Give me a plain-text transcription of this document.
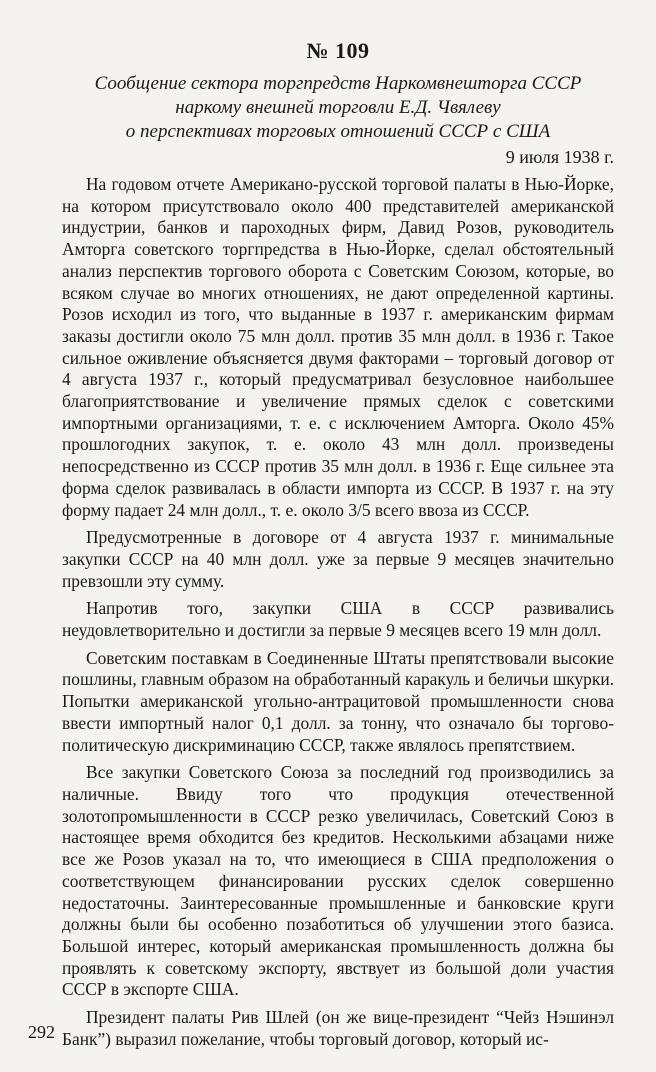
№ 109
Сообщение сектора торгпредств Наркомвнешторга СССР
наркому внешней торговли Е.Д. Чвялеву
о перспективах торговых отношений СССР с США
9 июля 1938 г.

На годовом отчете Американо-русской торговой палаты в Нью-Йорке, на котором присутствовало около 400 представителей американской индустрии, банков и пароходных фирм, Давид Розов, руководитель Амторга советского торгпредства в Нью-Йорке, сделал обстоятельный анализ перспектив торгового оборота с Советским Союзом, которые, во всяком случае во многих отношениях, не дают определенной картины. Розов исходил из того, что выданные в 1937 г. американским фирмам заказы достигли около 75 млн долл. против 35 млн долл. в 1936 г. Такое сильное оживление объясняется двумя факторами – торговый договор от 4 августа 1937 г., который предусматривал безусловное наибольшее благоприятствование и увеличение прямых сделок с советскими импортными организациями, т. е. с исключением Амторга. Около 45% прошлогодних закупок, т. е. около 43 млн долл. произведены непосредственно из СССР против 35 млн долл. в 1936 г. Еще сильнее эта форма сделок развивалась в области импорта из СССР. В 1937 г. на эту форму падает 24 млн долл., т. е. около 3/5 всего ввоза из СССР.

Предусмотренные в договоре от 4 августа 1937 г. минимальные закупки СССР на 40 млн долл. уже за первые 9 месяцев значительно превзошли эту сумму.

Напротив того, закупки США в СССР развивались неудовлетворительно и достигли за первые 9 месяцев всего 19 млн долл.

Советским поставкам в Соединенные Штаты препятствовали высокие пошлины, главным образом на обработанный каракуль и беличьи шкурки. Попытки американской угольно-антрацитовой промышленности снова ввести импортный налог 0,1 долл. за тонну, что означало бы торгово-политическую дискриминацию СССР, также являлось препятствием.

Все закупки Советского Союза за последний год производились за наличные. Ввиду того что продукция отечественной золотопромышленности в СССР резко увеличилась, Советский Союз в настоящее время обходится без кредитов. Несколькими абзацами ниже все же Розов указал на то, что имеющиеся в США предположения о соответствующем финансировании русских сделок совершенно недостаточны. Заинтересованные промышленные и банковские круги должны были бы особенно позаботиться об улучшении этого базиса. Большой интерес, который американская промышленность должна бы проявлять к советскому экспорту, явствует из большой доли участия СССР в экспорте США.

Президент палаты Рив Шлей (он же вице-президент “Чейз Нэшинэл Банк”) выразил пожелание, чтобы торговый договор, который ис-

292
